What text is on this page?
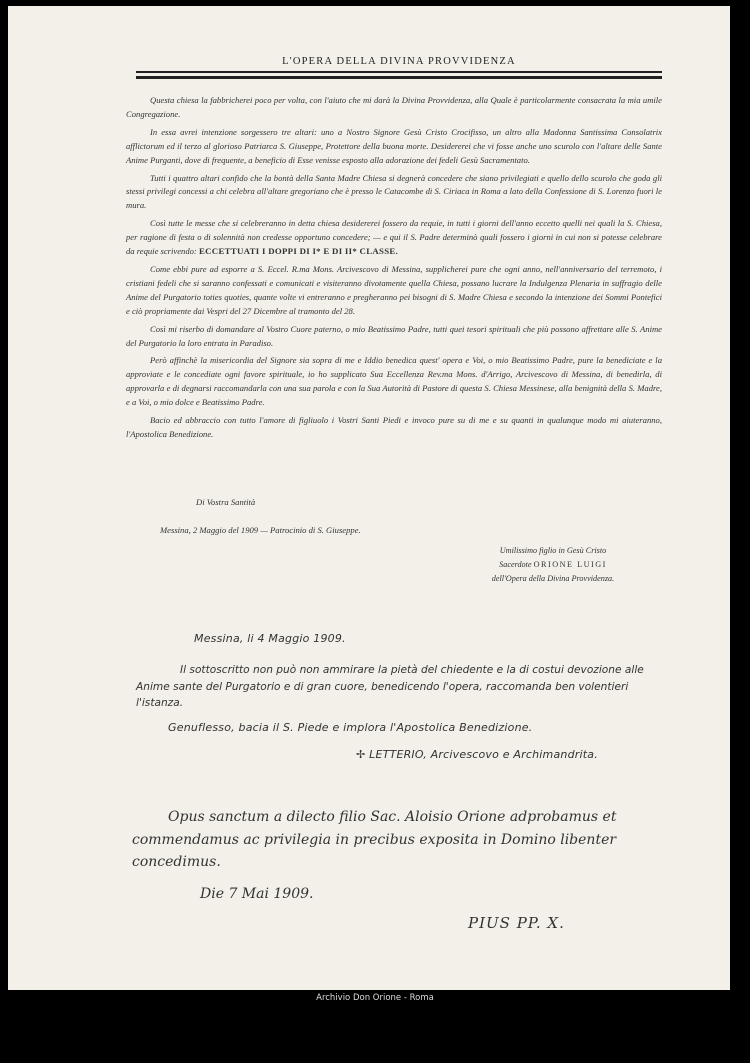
L'OPERA DELLA DIVINA PROVVIDENZA

Questa chiesa la fabbricherei poco per volta, con l'aiuto che mi darà la Divina Provvidenza, alla Quale è particolarmente consacrata la mia umile Congregazione.

In essa avrei intenzione sorgessero tre altari: uno a Nostro Signore Gesù Cristo Crocifisso, un altro alla Madonna Santissima Consolatrix afflictorum ed il terzo al glorioso Patriarca S. Giuseppe, Protettore della buona morte. Desidererei che vi fosse anche uno scurolo con l'altare delle Sante Anime Purganti, dove di frequente, a beneficio di Esse venisse esposto alla adorazione dei fedeli Gesù Sacramentato.

Tutti i quattro altari confido che la bontà della Santa Madre Chiesa si degnerà concedere che siano privilegiati e quello dello scurolo che goda gli stessi privilegi concessi a chi celebra all'altare gregoriano che è presso le Catacombe di S. Ciriaca in Roma a lato della Confessione di S. Lorenzo fuori le mura.

Così tutte le messe che si celebreranno in detta chiesa desidererei fossero da requie, in tutti i giorni dell'anno eccetto quelli nei quali la S. Chiesa, per ragione di festa o di solennità non credesse opportuno concedere; — e qui il S. Padre determinò quali fossero i giorni in cui non si potesse celebrare da requie scrivendo: ECCETTUATI I DOPPI DI I* E DI II* CLASSE.

Come ebbi pure ad esporre a S. Eccel. R.ma Mons. Arcivescovo di Messina, supplicherei pure che ogni anno, nell'anniversario del terremoto, i cristiani fedeli che si saranno confessati e comunicati e visiteranno divotamente quella Chiesa, possano lucrare la Indulgenza Plenaria in suffragio delle Anime del Purgatorio toties quoties, quante volte vi entreranno e pregheranno pei bisogni di S. Madre Chiesa e secondo la intenzione dei Sommi Pontefici e ciò propriamente dai Vespri del 27 Dicembre al tramonto del 28.

Così mi riserbo di domandare al Vostro Cuore paterno, o mio Beatissimo Padre, tutti quei tesori spirituali che più possono affrettare alle S. Anime del Purgatorio la loro entrata in Paradiso.

Però affinchè la misericordia del Signore sia sopra di me e Iddio benedica quest' opera e Voi, o mio Beatissimo Padre, pure la benediciate e la approviate e le concediate ogni favore spirituale, io ho supplicato Sua Eccellenza Rev.ma Mons. d'Arrigo, Arcivescovo di Messina, di benedirla, di approvarla e di degnarsi raccomandarla con una sua parola e con la Sua Autorità di Pastore di questa S. Chiesa Messinese, alla benignità della S. Madre, e a Voi, o mio dolce e Beatissimo Padre.

Bacio ed abbraccio con tutto l'amore di figliuolo i Vostri Santi Piedi e invoco pure su di me e su quanti in qualunque modo mi aiuteranno, l'Apostolica Benedizione.

Di Vostra Santità
Messina, 2 Maggio del 1909 — Patrocinio di S. Giuseppe.
Umilissimo figlio in Gesù Cristo
Sacerdote ORIONE LUIGI
dell'Opera della Divina Provvidenza.
Messina, li 4 Maggio 1909.
Il sottoscritto non può non ammirare la pietà del chiedente e la di costui devozione alle Anime sante del Purgatorio e di gran cuore, benedicendo l'opera, raccomanda ben volentieri l'istanza.
Genuflesso, bacia il S. Piede e implora l'Apostolica Benedizione.
✢ LETTERIO, Arcivescovo e Archimandrita.
Opus sanctum a dilecto filio Sac. Aloisio Orione adprobamus et commendamus ac privilegia in precibus exposita in Domino libenter concedimus.
Die 7 Mai 1909.
PIUS PP. X.
Archivio Don Orione - Roma
